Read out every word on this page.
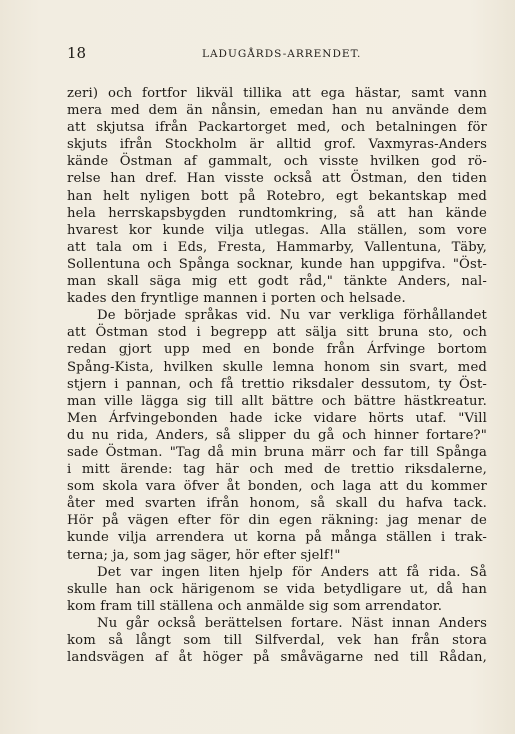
18	LADUGÅRDS-ARRENDET.
zeri) och fortfor likväl tillika att ega hästar, samt vann
mera med dem än nånsin, emedan han nu använde dem
att skjutsa ifrån Packartorget med, och betalningen för
skjuts ifrån Stockholm är alltid grof. Vaxmyras-Anders
kände Östman af gammalt, och visste hvilken god rö-
relse han dref. Han visste också att Östman, den tiden
han helt nyligen bott på Rotebro, egt bekantskap med
hela herrskapsbygden rundtomkring, så att han kände
hvarest kor kunde vilja utlegas. Alla ställen, som vore
att tala om i Eds, Fresta, Hammarby, Vallentuna, Täby,
Sollentuna och Spånga socknar, kunde han uppgifva. "Öst-
man skall säga mig ett godt råd," tänkte Anders, nal-
kades den fryntlige mannen i porten och helsade.
De började språkas vid. Nu var verkliga förhållandet
att Östman stod i begrepp att sälja sitt bruna sto, och
redan gjort upp med en bonde från Árfvinge bortom
Spång-Kista, hvilken skulle lemna honom sin svart, med
stjern i pannan, och få trettio riksdaler dessutom, ty Öst-
man ville lägga sig till allt bättre och bättre hästkreatur.
Men Árfvingebonden hade icke vidare hörts utaf. "Vill
du nu rida, Anders, så slipper du gå och hinner fortare?"
sade Östman. "Tag då min bruna märr och far till Spånga
i mitt ärende: tag här och med de trettio riksdalerne,
som skola vara öfver åt bonden, och laga att du kommer
åter med svarten ifrån honom, så skall du hafva tack.
Hör på vägen efter för din egen räkning: jag menar de
kunde vilja arrendera ut korna på många ställen i trak-
terna; ja, som jag säger, hör efter sjelf!"
Det var ingen liten hjelp för Anders att få rida. Så
skulle han ock härigenom se vida betydligare ut, då han
kom fram till ställena och anmälde sig som arrendator.
Nu går också berättelsen fortare. Näst innan Anders
kom så långt som till Silfverdal, vek han från stora
landsvägen af åt höger på småvägarne ned till Rådan,
